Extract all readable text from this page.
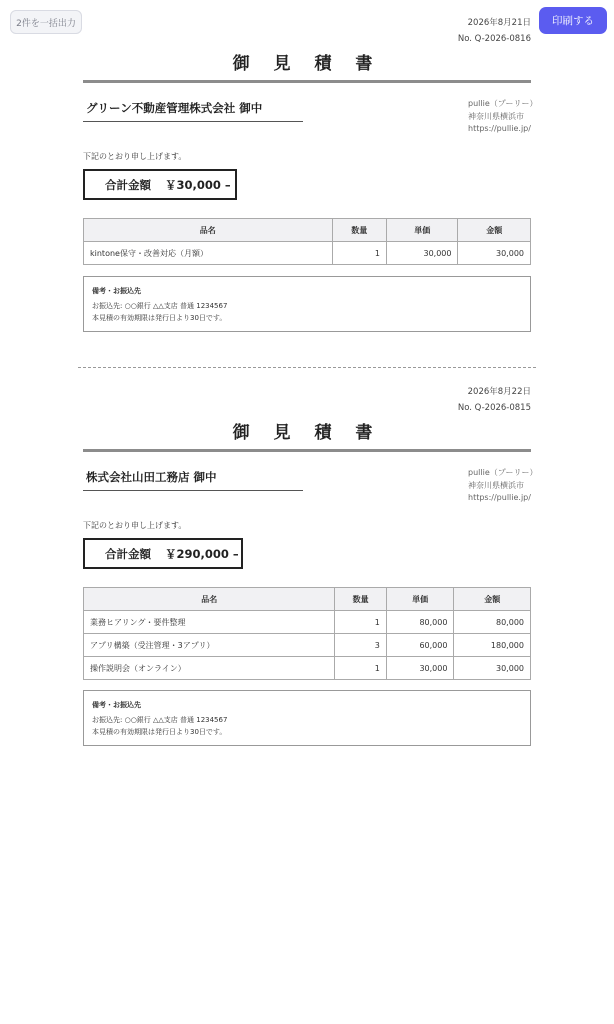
2件を一括出力	印刷する
2026年8月21日
No. Q-2026-0816
御 見 積 書
グリーン不動産管理株式会社 御中	pullie（プーリー）
神奈川県横浜市
https://pullie.jp/
下記のとおり申し上げます。
合計金額 ￥30,000 –
品名	数量	単価	金額
kintone保守・改善対応（月額）	1	30,000	30,000
備考・お振込先
お振込先: ○○銀行 △△支店 普通 1234567
本見積の有効期限は発行日より30日です。
2026年8月22日
No. Q-2026-0815
御 見 積 書
株式会社山田工務店 御中	pullie（プーリー）
神奈川県横浜市
https://pullie.jp/
下記のとおり申し上げます。
合計金額 ￥290,000 –
品名	数量	単価	金額
業務ヒアリング・要件整理	1	80,000	80,000
アプリ構築（受注管理・3アプリ）	3	60,000	180,000
操作説明会（オンライン）	1	30,000	30,000
備考・お振込先
お振込先: ○○銀行 △△支店 普通 1234567
本見積の有効期限は発行日より30日です。
